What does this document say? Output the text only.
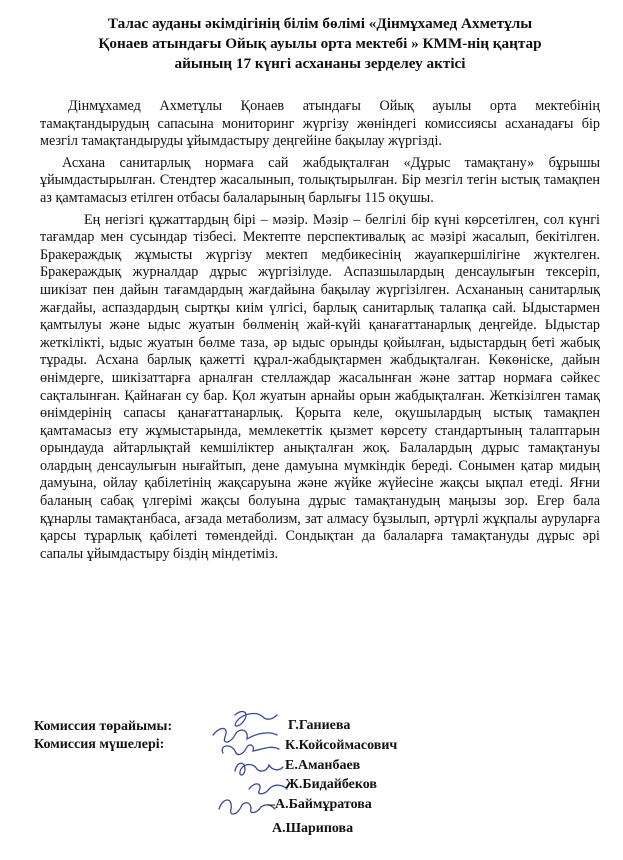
Талас ауданы әкімдігінің білім бөлімі «Дінмұхамед Ахметұлы
Қонаев атындағы Ойық ауылы орта мектебі » КММ-нің қаңтар
айының 17 күнгі асхананы зерделеу актісі

Дінмұхамед Ахметұлы Қонаев атындағы Ойық ауылы орта мектебінің тамақтандырудың сапасына мониторинг жүргізу жөніндегі комиссиясы асханадағы бір мезгіл тамақтандыруды ұйымдастыру деңгейіне бақылау жүргізді.

Асхана санитарлық нормаға сай жабдықталған «Дұрыс тамақтану» бұрышы ұйымдастырылған. Стендтер жасалынып, толықтырылған. Бір мезгіл тегін ыстық тамақпен аз қамтамасыз етілген отбасы балаларының барлығы 115 оқушы.

Ең негізгі құжаттардың бірі – мәзір. Мәзір – белгілі бір күні көрсетілген, сол күнгі тағамдар мен сусындар тізбесі. Мектепте перспективалық ас мәзірі жасалып, бекітілген. Бракераждық жұмысты жүргізу мектеп медбикесінің жауапкершілігіне жүктелген. Бракераждық журналдар дұрыс жүргізілуде. Аспазшылардың денсаулығын тексеріп, шикізат пен дайын тағамдардың жағдайына бақылау жүргізілген. Асхананың санитарлық жағдайы, аспаздардың сыртқы киім үлгісі, барлық санитарлық талапқа сай. Ыдыстармен қамтылуы және ыдыс жуатын бөлменің жай-күйі қанағаттанарлық деңгейде. Ыдыстар жеткілікті, ыдыс жуатын бөлме таза, әр ыдыс орынды қойылған, ыдыстардың беті жабық тұрады. Асхана барлық қажетті құрал-жабдықтармен жабдықталған. Көкөніске, дайын өнімдерге, шикізаттарға арналған стеллаждар жасалынған және заттар нормаға сәйкес сақталынған. Қайнаған су бар. Қол жуатын арнайы орын жабдықталған. Жеткізілген тамақ өнімдерінің сапасы қанағаттанарлық. Қорыта келе, оқушылардың ыстық тамақпен қамтамасыз ету жұмыстарында, мемлекеттік қызмет көрсету стандартының талаптарын орындауда айтарлықтай кемшіліктер анықталған жоқ. Балалардың дұрыс тамақтануы олардың денсаулығын нығайтып, дене дамуына мүмкіндік береді. Сонымен қатар мидың дамуына, ойлау қабілетінің жақсаруына және жүйке жүйесіне жақсы ықпал етеді. Яғни баланың сабақ үлгерімі жақсы болуына дұрыс тамақтанудың маңызы зор. Егер бала құнарлы тамақтанбаса, ағзада метаболизм, зат алмасу бұзылып, әртүрлі жұқпалы ауруларға қарсы тұрарлық қабілеті төмендейді. Сондықтан да балаларға тамақтануды дұрыс әрі сапалы ұйымдастыру біздің міндетіміз.

Комиссия төрайымы:
Комиссия мүшелері:
Г.Ганиева
К.Койсоймасович
Е.Аманбаев
Ж.Бидайбеков
–А.Баймұратова
А.Шарипова
